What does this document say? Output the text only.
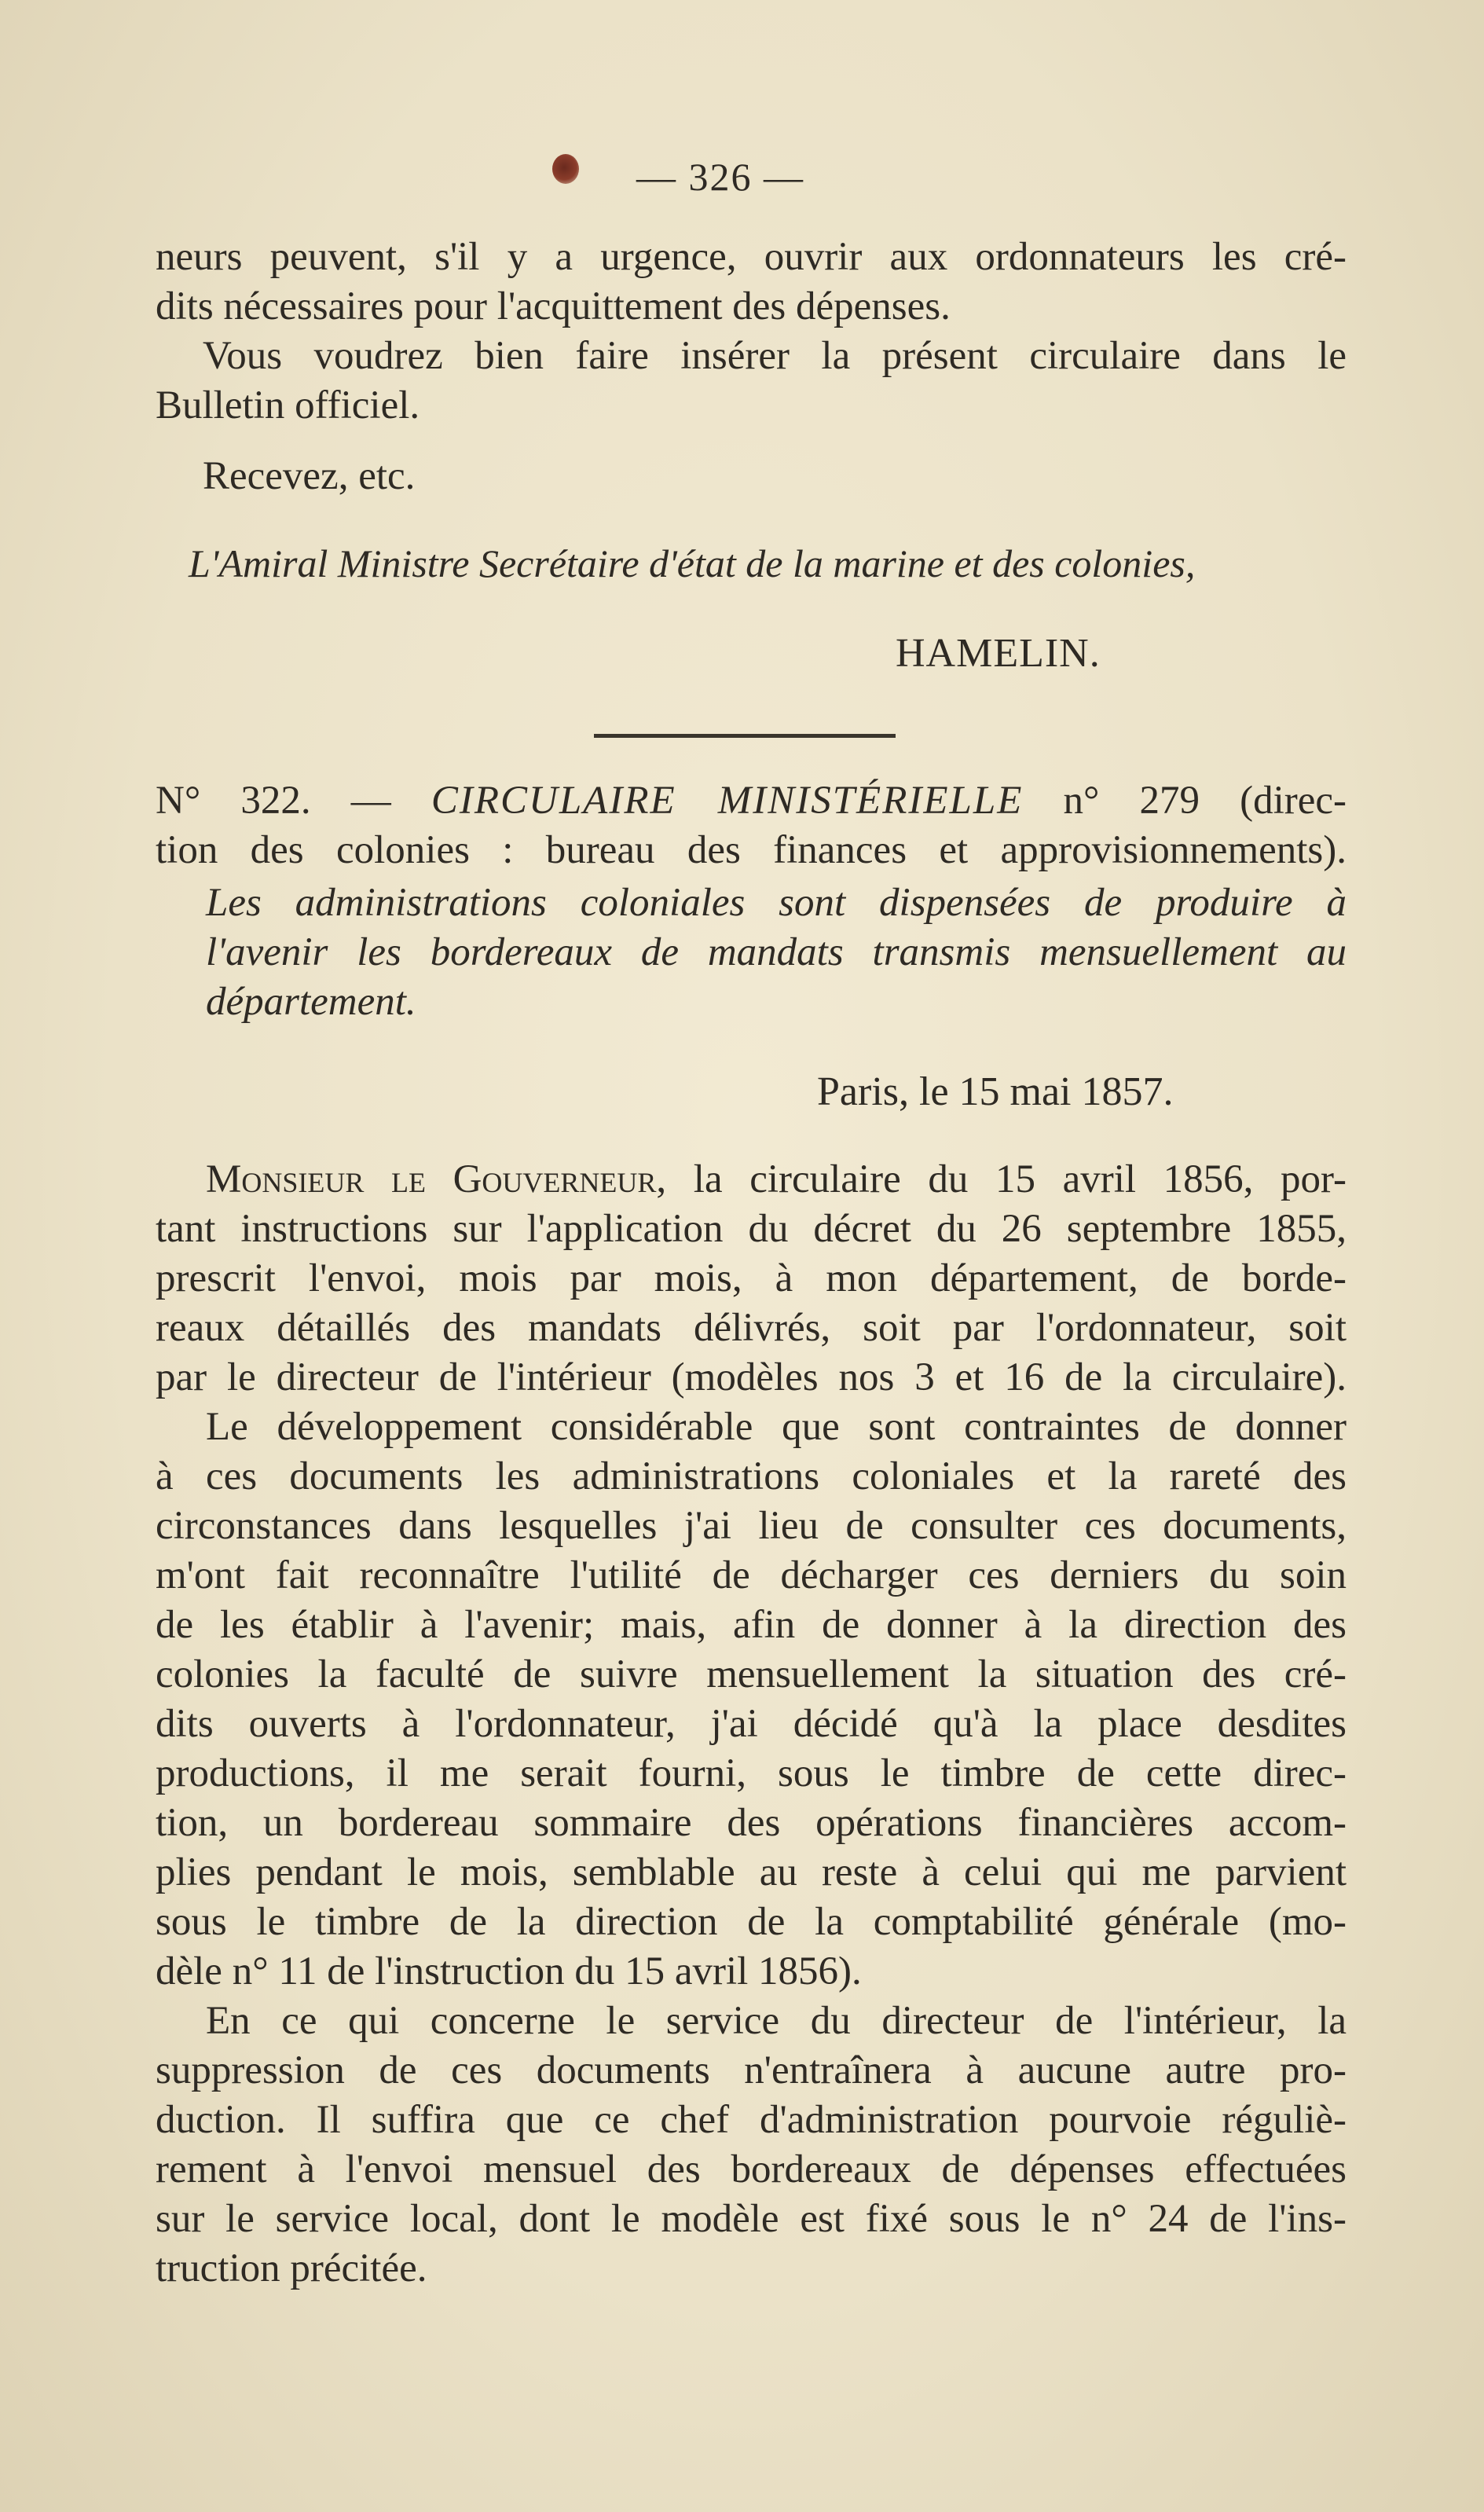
— 326 —
neurs peuvent, s'il y a urgence, ouvrir aux ordonnateurs les cré-
dits nécessaires pour l'acquittement des dépenses.
Vous voudrez bien faire insérer la présent circulaire dans le
Bulletin officiel.
Recevez, etc.
L'Amiral Ministre Secrétaire d'état de la marine et des colonies,
HAMELIN.
N° 322. — CIRCULAIRE MINISTÉRIELLE n° 279 (direc-
tion des colonies : bureau des finances et approvisionnements).
Les administrations coloniales sont dispensées de produire à
l'avenir les bordereaux de mandats transmis mensuellement au
département.
Paris, le 15 mai 1857.
Monsieur le Gouverneur, la circulaire du 15 avril 1856, por-
tant instructions sur l'application du décret du 26 septembre 1855,
prescrit l'envoi, mois par mois, à mon département, de borde-
reaux détaillés des mandats délivrés, soit par l'ordonnateur, soit
par le directeur de l'intérieur (modèles nos 3 et 16 de la circulaire).
Le développement considérable que sont contraintes de donner
à ces documents les administrations coloniales et la rareté des
circonstances dans lesquelles j'ai lieu de consulter ces documents,
m'ont fait reconnaître l'utilité de décharger ces derniers du soin
de les établir à l'avenir; mais, afin de donner à la direction des
colonies la faculté de suivre mensuellement la situation des cré-
dits ouverts à l'ordonnateur, j'ai décidé qu'à la place desdites
productions, il me serait fourni, sous le timbre de cette direc-
tion, un bordereau sommaire des opérations financières accom-
plies pendant le mois, semblable au reste à celui qui me parvient
sous le timbre de la direction de la comptabilité générale (mo-
dèle n° 11 de l'instruction du 15 avril 1856).
En ce qui concerne le service du directeur de l'intérieur, la
suppression de ces documents n'entraînera à aucune autre pro-
duction. Il suffira que ce chef d'administration pourvoie réguliè-
rement à l'envoi mensuel des bordereaux de dépenses effectuées
sur le service local, dont le modèle est fixé sous le n° 24 de l'ins-
truction précitée.
